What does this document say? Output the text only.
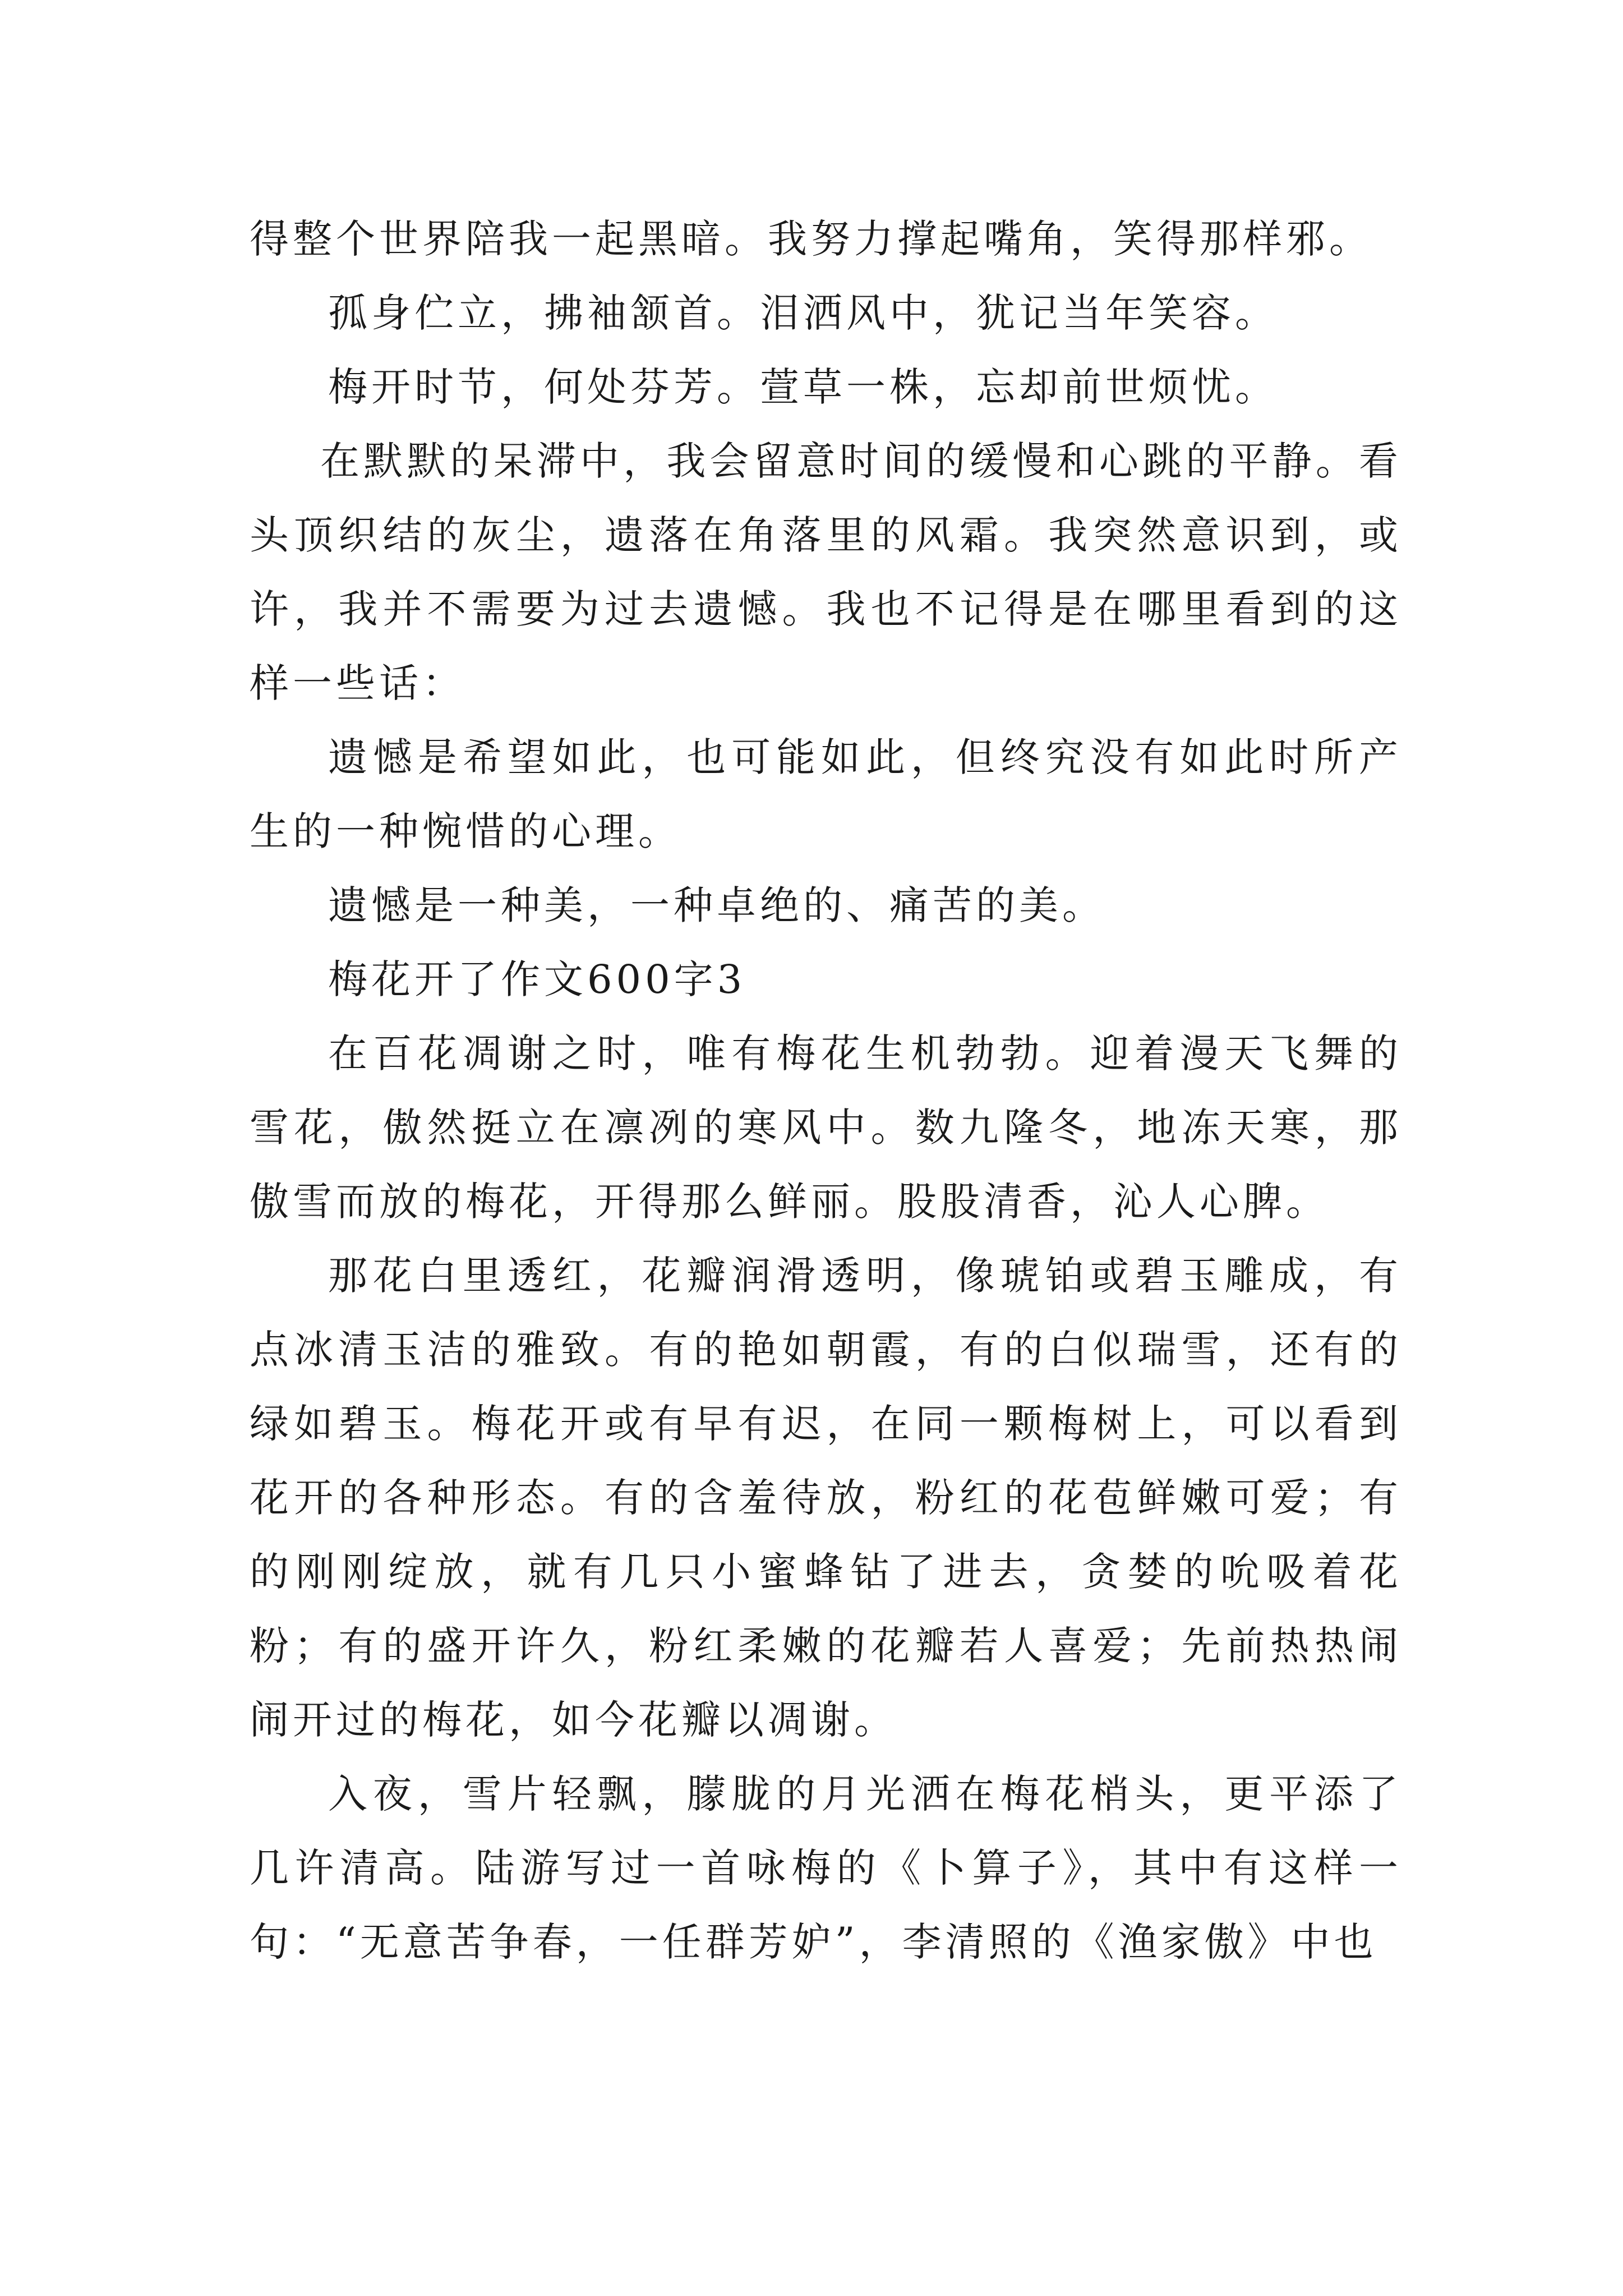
得整个世界陪我一起黑暗。我努力撑起嘴角，笑得那样邪。

孤身伫立，拂袖颔首。泪洒风中，犹记当年笑容。

梅开时节，何处芬芳。萱草一株，忘却前世烦忧。

在默默的呆滞中，我会留意时间的缓慢和心跳的平静。看头顶织结的灰尘，遗落在角落里的风霜。我突然意识到，或许，我并不需要为过去遗憾。我也不记得是在哪里看到的这样一些话：

遗憾是希望如此，也可能如此，但终究没有如此时所产生的一种惋惜的心理。

遗憾是一种美，一种卓绝的、痛苦的美。

梅花开了作文600字3

在百花凋谢之时，唯有梅花生机勃勃。迎着漫天飞舞的雪花，傲然挺立在凛冽的寒风中。数九隆冬，地冻天寒，那傲雪而放的梅花，开得那么鲜丽。股股清香，沁人心脾。

那花白里透红，花瓣润滑透明，像琥铂或碧玉雕成，有点冰清玉洁的雅致。有的艳如朝霞，有的白似瑞雪，还有的绿如碧玉。梅花开或有早有迟，在同一颗梅树上，可以看到花开的各种形态。有的含羞待放，粉红的花苞鲜嫩可爱；有的刚刚绽放，就有几只小蜜蜂钻了进去，贪婪的吮吸着花粉；有的盛开许久，粉红柔嫩的花瓣若人喜爱；先前热热闹闹开过的梅花，如今花瓣以凋谢。

入夜，雪片轻飘，朦胧的月光洒在梅花梢头，更平添了几许清高。陆游写过一首咏梅的《卜算子》，其中有这样一句：“无意苦争春，一任群芳妒”，李清照的《渔家傲》中也
